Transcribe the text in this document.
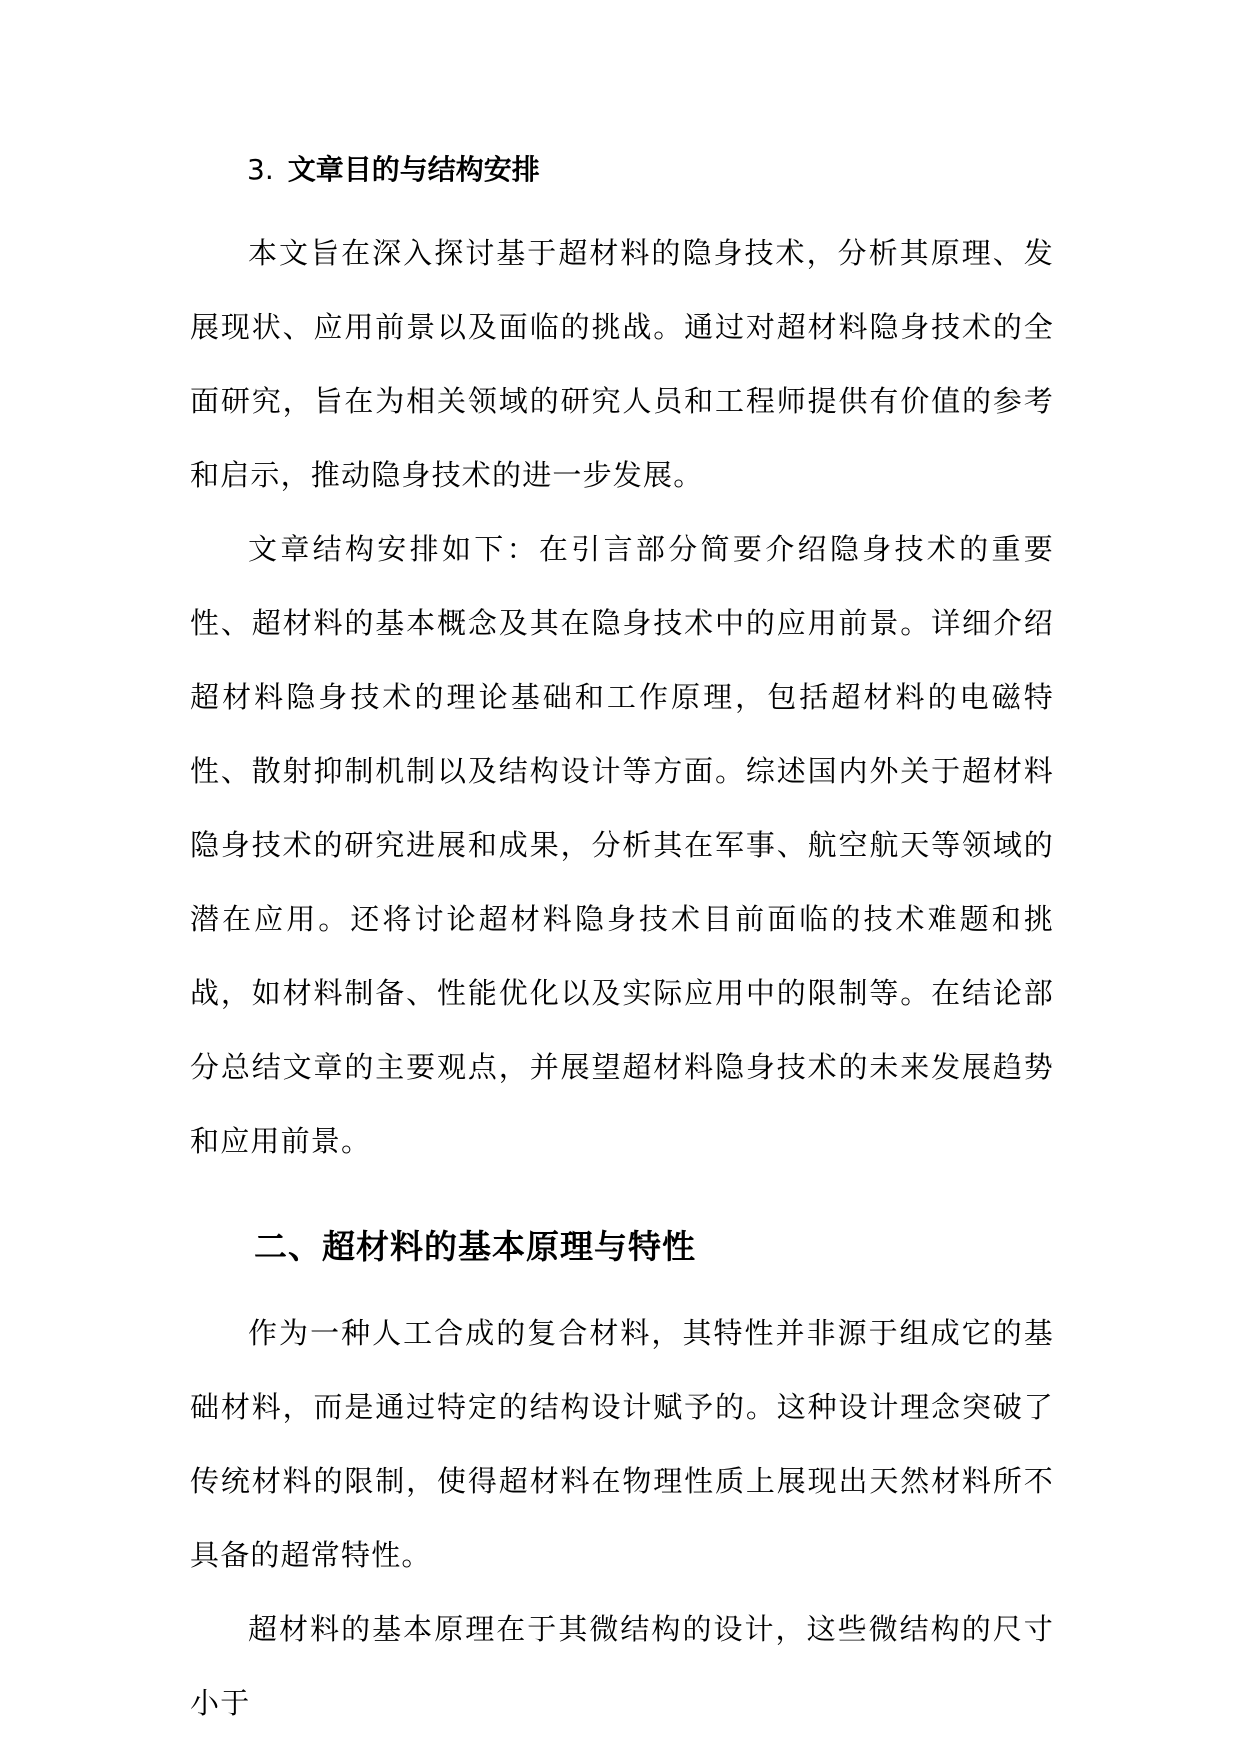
3. 文章目的与结构安排

本文旨在深入探讨基于超材料的隐身技术，分析其原理、发展现状、应用前景以及面临的挑战。通过对超材料隐身技术的全面研究，旨在为相关领域的研究人员和工程师提供有价值的参考和启示，推动隐身技术的进一步发展。

文章结构安排如下：在引言部分简要介绍隐身技术的重要性、超材料的基本概念及其在隐身技术中的应用前景。详细介绍超材料隐身技术的理论基础和工作原理，包括超材料的电磁特性、散射抑制机制以及结构设计等方面。综述国内外关于超材料隐身技术的研究进展和成果，分析其在军事、航空航天等领域的潜在应用。还将讨论超材料隐身技术目前面临的技术难题和挑战，如材料制备、性能优化以及实际应用中的限制等。在结论部分总结文章的主要观点，并展望超材料隐身技术的未来发展趋势和应用前景。

二、超材料的基本原理与特性

作为一种人工合成的复合材料，其特性并非源于组成它的基础材料，而是通过特定的结构设计赋予的。这种设计理念突破了传统材料的限制，使得超材料在物理性质上展现出天然材料所不具备的超常特性。

超材料的基本原理在于其微结构的设计，这些微结构的尺寸小于
